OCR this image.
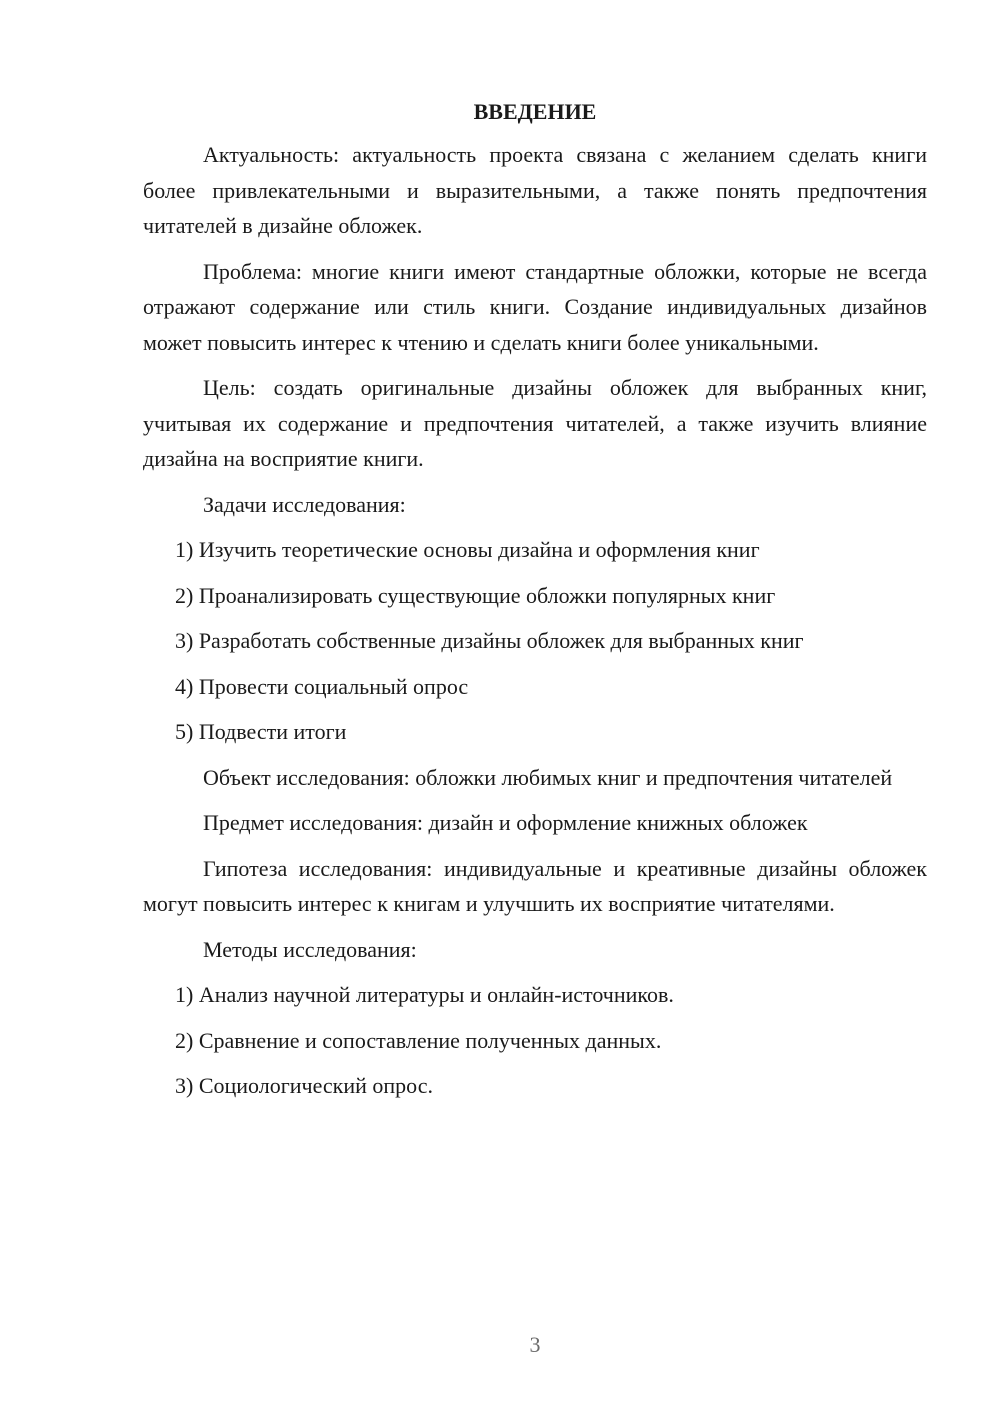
ВВЕДЕНИЕ

Актуальность: актуальность проекта связана с желанием сделать книги более привлекательными и выразительными, а также понять предпочтения читателей в дизайне обложек.

Проблема: многие книги имеют стандартные обложки, которые не всегда отражают содержание или стиль книги. Создание индивидуальных дизайнов может повысить интерес к чтению и сделать книги более уникальными.

Цель: создать оригинальные дизайны обложек для выбранных книг, учитывая их содержание и предпочтения читателей, а также изучить влияние дизайна на восприятие книги.

Задачи исследования:

1) Изучить теоретические основы дизайна и оформления книг
2) Проанализировать существующие обложки популярных книг
3) Разработать собственные дизайны обложек для выбранных книг
4) Провести социальный опрос
5) Подвести итоги

Объект исследования: обложки любимых книг и предпочтения читателей

Предмет исследования: дизайн и оформление книжных обложек

Гипотеза исследования: индивидуальные и креативные дизайны обложек могут повысить интерес к книгам и улучшить их восприятие читателями.

Методы исследования:

1) Анализ научной литературы и онлайн-источников.
2) Сравнение и сопоставление полученных данных.
3) Социологический опрос.
3
